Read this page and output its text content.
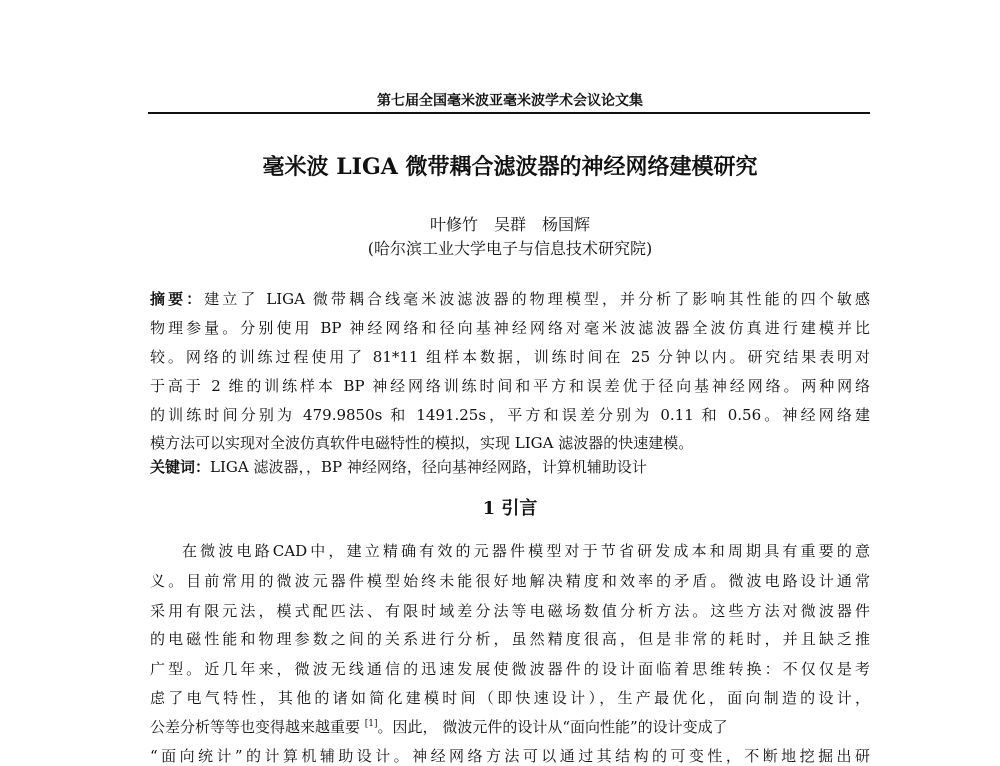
第七届全国毫米波亚毫米波学术会议论文集
毫米波 LIGA 微带耦合滤波器的神经网络建模研究
叶修竹　吴群　杨国辉
(哈尔滨工业大学电子与信息技术研究院)
摘要：建立了 LIGA 微带耦合线毫米波滤波器的物理模型，并分析了影响其性能的四个敏感
物理参量。分别使用 BP 神经网络和径向基神经网络对毫米波滤波器全波仿真进行建模并比
较。网络的训练过程使用了 81*11 组样本数据，训练时间在 25 分钟以内。研究结果表明对
于高于 2 维的训练样本 BP 神经网络训练时间和平方和误差优于径向基神经网络。两种网络
的训练时间分别为 479.9850s 和 1491.25s，平方和误差分别为 0.11 和 0.56。神经网络建
模方法可以实现对全波仿真软件电磁特性的模拟，实现 LIGA 滤波器的快速建模。
关键词：LIGA 滤波器，，BP 神经网络，径向基神经网路，计算机辅助设计
1 引言
在微波电路CAD中，建立精确有效的元器件模型对于节省研发成本和周期具有重要的意
义。目前常用的微波元器件模型始终未能很好地解决精度和效率的矛盾。微波电路设计通常
采用有限元法，模式配匹法、有限时域差分法等电磁场数值分析方法。这些方法对微波器件
的电磁性能和物理参数之间的关系进行分析，虽然精度很高，但是非常的耗时，并且缺乏推
广型。近几年来，微波无线通信的迅速发展使微波器件的设计面临着思维转换：不仅仅是考
虑了电气特性，其他的诸如简化建模时间（即快速设计），生产最优化，面向制造的设计，
公差分析等等也变得越来越重要 [1]。因此， 微波元件的设计从“面向性能”的设计变成了
“面向统计”的计算机辅助设计。神经网络方法可以通过其结构的可变性，不断地挖掘出研
